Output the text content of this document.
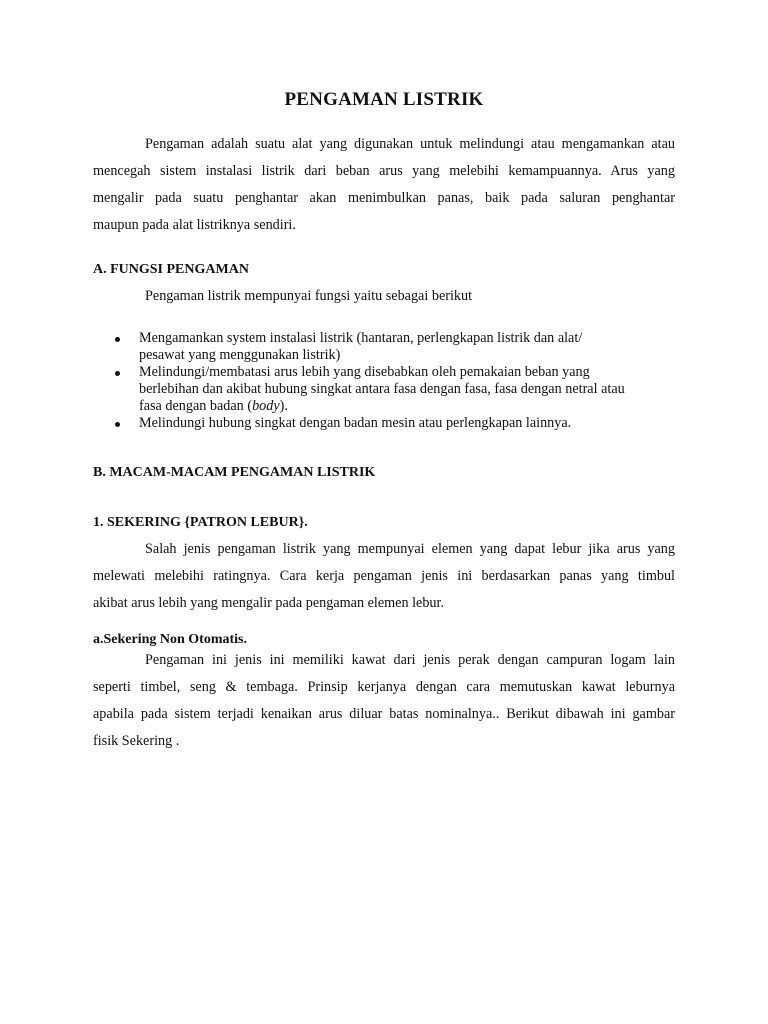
PENGAMAN LISTRIK
Pengaman adalah suatu alat yang digunakan untuk melindungi atau mengamankan atau
mencegah sistem instalasi listrik dari beban arus yang melebihi kemampuannya. Arus yang
mengalir pada suatu penghantar akan menimbulkan panas, baik pada saluran penghantar
maupun pada alat listriknya sendiri.
A. FUNGSI PENGAMAN
Pengaman listrik mempunyai fungsi yaitu sebagai berikut
Mengamankan system instalasi listrik (hantaran, perlengkapan listrik dan alat/
pesawat yang menggunakan listrik)
Melindungi/membatasi arus lebih yang disebabkan oleh pemakaian beban yang
berlebihan dan akibat hubung singkat antara fasa dengan fasa, fasa dengan netral atau
fasa dengan badan (body).
Melindungi hubung singkat dengan badan mesin atau perlengkapan lainnya.
B. MACAM-MACAM PENGAMAN LISTRIK
1. SEKERING {PATRON LEBUR}.
Salah jenis pengaman listrik yang mempunyai elemen yang dapat lebur jika arus yang
melewati melebihi ratingnya. Cara kerja pengaman jenis ini berdasarkan panas yang timbul
akibat arus lebih yang mengalir pada pengaman elemen lebur.
a.Sekering Non Otomatis.
Pengaman ini jenis ini memiliki kawat dari jenis perak dengan campuran logam lain
seperti timbel, seng & tembaga. Prinsip kerjanya dengan cara memutuskan kawat leburnya
apabila pada sistem terjadi kenaikan arus diluar batas nominalnya.. Berikut dibawah ini gambar
fisik Sekering .
